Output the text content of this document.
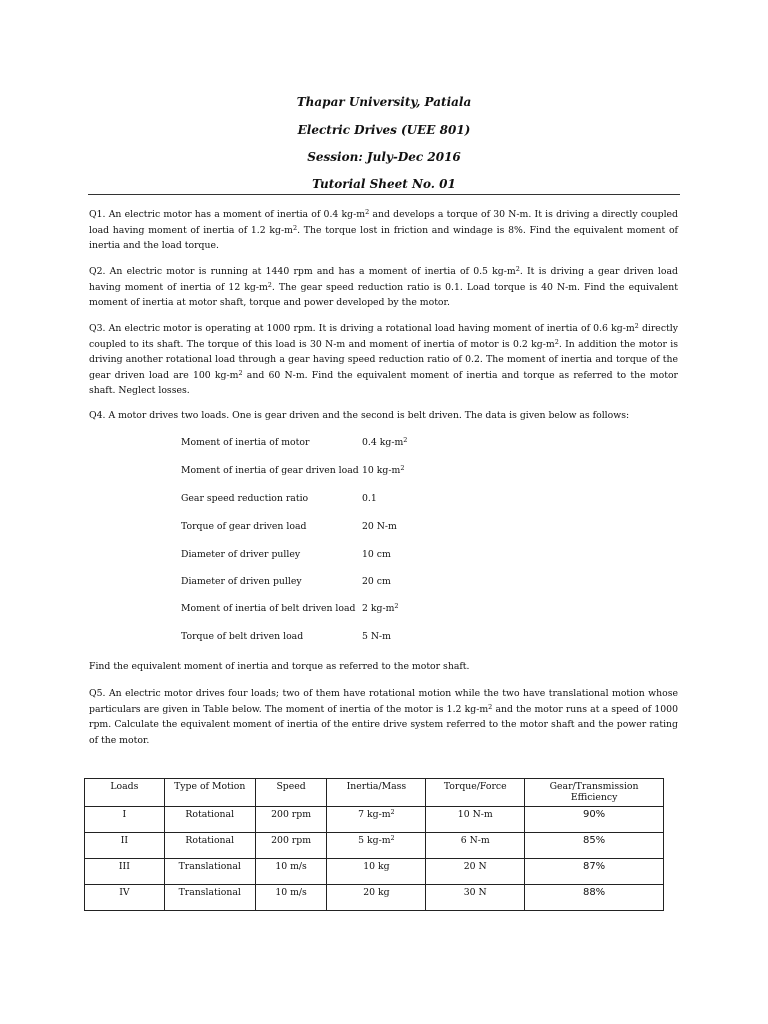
Thapar University, Patiala
Electric Drives (UEE 801)
Session: July-Dec 2016
Tutorial Sheet No. 01
Q1. An electric motor has a moment of inertia of 0.4 $kg-m^2$ and develops a torque of 30 N-m. It is driving a directly coupled load having moment of inertia of 1.2 $kg-m^2$. The torque lost in friction and windage is 8%. Find the equivalent moment of inertia and the load torque.
Q2. An electric motor is running at 1440 rpm and has a moment of inertia of 0.5 $kg-m^2$. It is driving a gear driven load having moment of inertia of 12 $kg-m^2$. The gear speed reduction ratio is 0.1. Load torque is 40 N-m. Find the equivalent moment of inertia at motor shaft, torque and power developed by the motor.
Q3. An electric motor is operating at 1000 rpm. It is driving a rotational load having moment of inertia of 0.6 $kg-m^2$ directly coupled to its shaft. The torque of this load is 30 N-m and moment of inertia of motor is 0.2 $kg-m^2$. In addition the motor is driving another rotational load through a gear having speed reduction ratio of 0.2. The moment of inertia and torque of the gear driven load are 100 $kg-m^2$ and 60 N-m. Find the equivalent moment of inertia and torque as referred to the motor shaft. Neglect losses.
Q4. A motor drives two loads. One is gear driven and the second is belt driven. The data is given below as follows:
Moment of inertia of motor	0.4 $kg-m^2$
Moment of inertia of gear driven load 10 $kg-m^2$
Gear speed reduction ratio	0.1
Torque of gear driven load	20 N-m
Diameter of driver pulley	10 cm
Diameter of driven pulley	20 cm
Moment of inertia of belt driven load 2 $kg-m^2$
Torque of belt driven load	5 N-m
Find the equivalent moment of inertia and torque as referred to the motor shaft.
Q5. An electric motor drives four loads; two of them have rotational motion while the two have translational motion whose particulars are given in Table below. The moment of inertia of the motor is 1.2 $kg-m^2$ and the motor runs at a speed of 1000 rpm. Calculate the equivalent moment of inertia of the entire drive system referred to the motor shaft and the power rating of the motor.
Loads	Type of Motion	Speed	Inertia/Mass	Torque/Force	Gear/Transmission Efficiency
I	Rotational	200 rpm	7 $kg-m^2$	10 N-m	90%
II	Rotational	200 rpm	5 $kg-m^2$	6 N-m	85%
III	Translational	10 m/s	10 kg	20 N	87%
IV	Translational	10 m/s	20 kg	30 N	88%
